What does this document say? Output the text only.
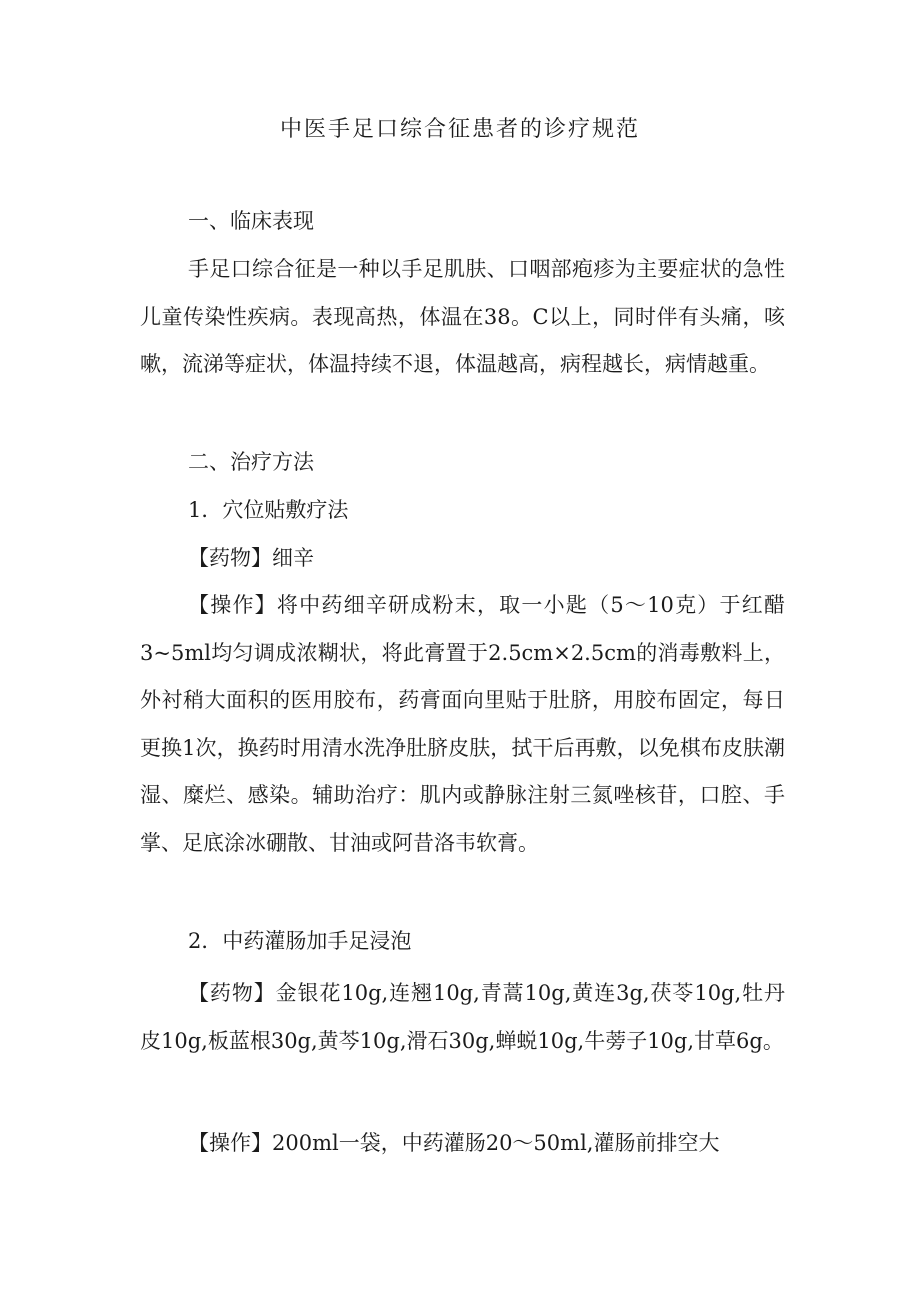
中医手足口综合征患者的诊疗规范
一、临床表现
手足口综合征是一种以手足肌肤、口咽部疱疹为主要症状的急性儿童传染性疾病。表现高热，体温在38。C以上，同时伴有头痛，咳嗽，流涕等症状，体温持续不退，体温越高，病程越长，病情越重。
二、治疗方法
1．穴位贴敷疗法
【药物】细辛
【操作】将中药细辛研成粉末，取一小匙（5～10克）于红醋3~5ml均匀调成浓糊状，将此膏置于2.5cm×2.5cm的消毒敷料上，外衬稍大面积的医用胶布，药膏面向里贴于肚脐，用胶布固定，每日更换1次，换药时用清水洗净肚脐皮肤，拭干后再敷，以免棋布皮肤潮湿、糜烂、感染。辅助治疗：肌内或静脉注射三氮唑核苷，口腔、手掌、足底涂冰硼散、甘油或阿昔洛韦软膏。
2．中药灌肠加手足浸泡
【药物】金银花10g,连翘10g,青蒿10g,黄连3g,茯苓10g,牡丹皮10g,板蓝根30g,黄芩10g,滑石30g,蝉蜕10g,牛蒡子10g,甘草6g。
【操作】200ml一袋，中药灌肠20～50ml,灌肠前排空大
